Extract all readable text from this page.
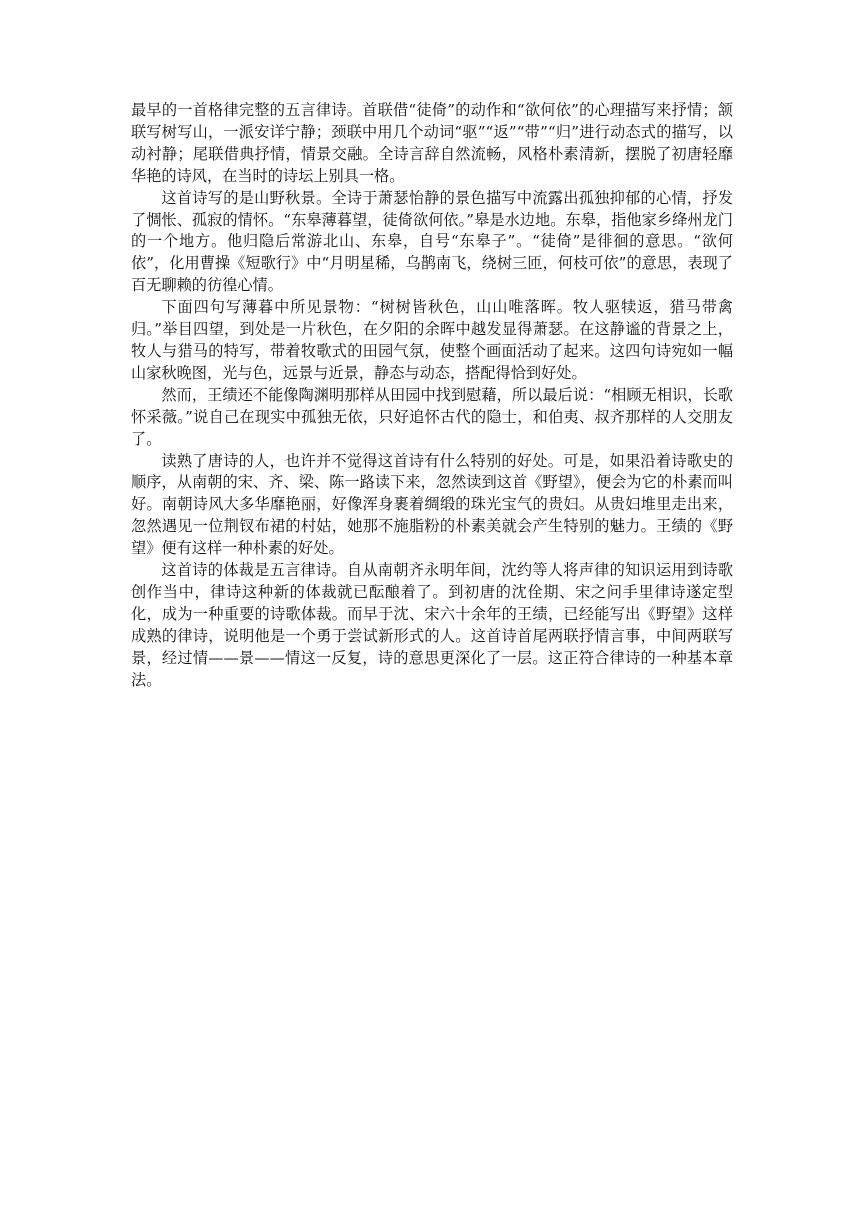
最早的一首格律完整的五言律诗。首联借“徒倚”的动作和“欲何依”的心理描写来抒情；颔联写树写山，一派安详宁静；颈联中用几个动词“驱”“返”“带”“归”进行动态式的描写，以动衬静；尾联借典抒情，情景交融。全诗言辞自然流畅，风格朴素清新，摆脱了初唐轻靡华艳的诗风，在当时的诗坛上别具一格。

这首诗写的是山野秋景。全诗于萧瑟怡静的景色描写中流露出孤独抑郁的心情，抒发了惆怅、孤寂的情怀。“东皋薄暮望，徒倚欲何依。”皋是水边地。东皋，指他家乡绛州龙门的一个地方。他归隐后常游北山、东皋，自号“东皋子”。“徒倚”是徘徊的意思。“欲何依”，化用曹操《短歌行》中“月明星稀，乌鹊南飞，绕树三匝，何枝可依”的意思，表现了百无聊赖的彷徨心情。

下面四句写薄暮中所见景物：“树树皆秋色，山山唯落晖。牧人驱犊返，猎马带禽归。”举目四望，到处是一片秋色，在夕阳的余晖中越发显得萧瑟。在这静谧的背景之上，牧人与猎马的特写，带着牧歌式的田园气氛，使整个画面活动了起来。这四句诗宛如一幅山家秋晚图，光与色，远景与近景，静态与动态，搭配得恰到好处。

然而，王绩还不能像陶渊明那样从田园中找到慰藉，所以最后说：“相顾无相识，长歌怀采薇。”说自己在现实中孤独无依，只好追怀古代的隐士，和伯夷、叔齐那样的人交朋友了。

读熟了唐诗的人，也许并不觉得这首诗有什么特别的好处。可是，如果沿着诗歌史的顺序，从南朝的宋、齐、梁、陈一路读下来，忽然读到这首《野望》，便会为它的朴素而叫好。南朝诗风大多华靡艳丽，好像浑身裹着绸缎的珠光宝气的贵妇。从贵妇堆里走出来，忽然遇见一位荆钗布裙的村姑，她那不施脂粉的朴素美就会产生特别的魅力。王绩的《野望》便有这样一种朴素的好处。

这首诗的体裁是五言律诗。自从南朝齐永明年间，沈约等人将声律的知识运用到诗歌创作当中，律诗这种新的体裁就已酝酿着了。到初唐的沈佺期、宋之问手里律诗遂定型化，成为一种重要的诗歌体裁。而早于沈、宋六十余年的王绩，已经能写出《野望》这样成熟的律诗，说明他是一个勇于尝试新形式的人。这首诗首尾两联抒情言事，中间两联写景，经过情——景——情这一反复，诗的意思更深化了一层。这正符合律诗的一种基本章法。
